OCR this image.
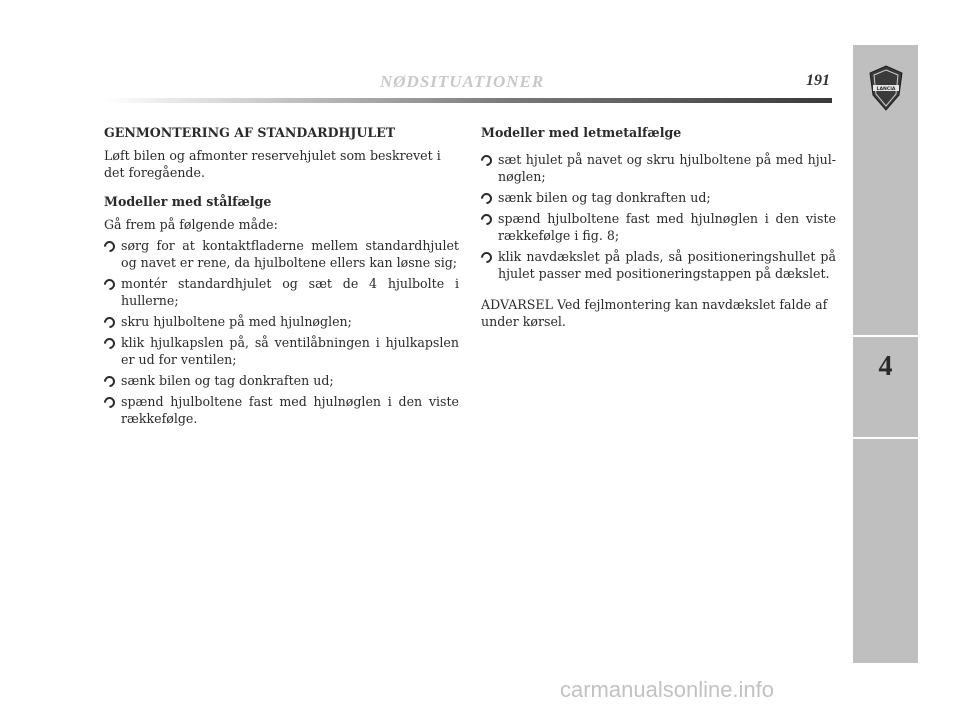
NØDSITUATIONER	191
LANCIA
4

GENMONTERING AF STANDARDHJULET

Løft bilen og afmonter reservehjulet som beskrevet i det foregående.

Modeller med stålfælge

Gå frem på følgende måde:

sørg for at kontaktfladerne mellem standardhjulet og navet er rene, da hjulboltene ellers kan løsne sig;
montér standardhjulet og sæt de 4 hjulbolte i hullerne;
skru hjulboltene på med hjulnøglen;
klik hjulkapslen på, så ventilåbningen i hjulkapslen er ud for ventilen;
sænk bilen og tag donkraften ud;
spænd hjulboltene fast med hjulnøglen i den viste rækkefølge.

Modeller med letmetalfælge

sæt hjulet på navet og skru hjulboltene på med hjul-nøglen;
sænk bilen og tag donkraften ud;
spænd hjulboltene fast med hjulnøglen i den viste rækkefølge i fig. 8;
klik navdækslet på plads, så positioneringshullet på hjulet passer med positioneringstappen på dækslet.

ADVARSEL Ved fejlmontering kan navdækslet falde af under kørsel.

carmanualsonline.info
